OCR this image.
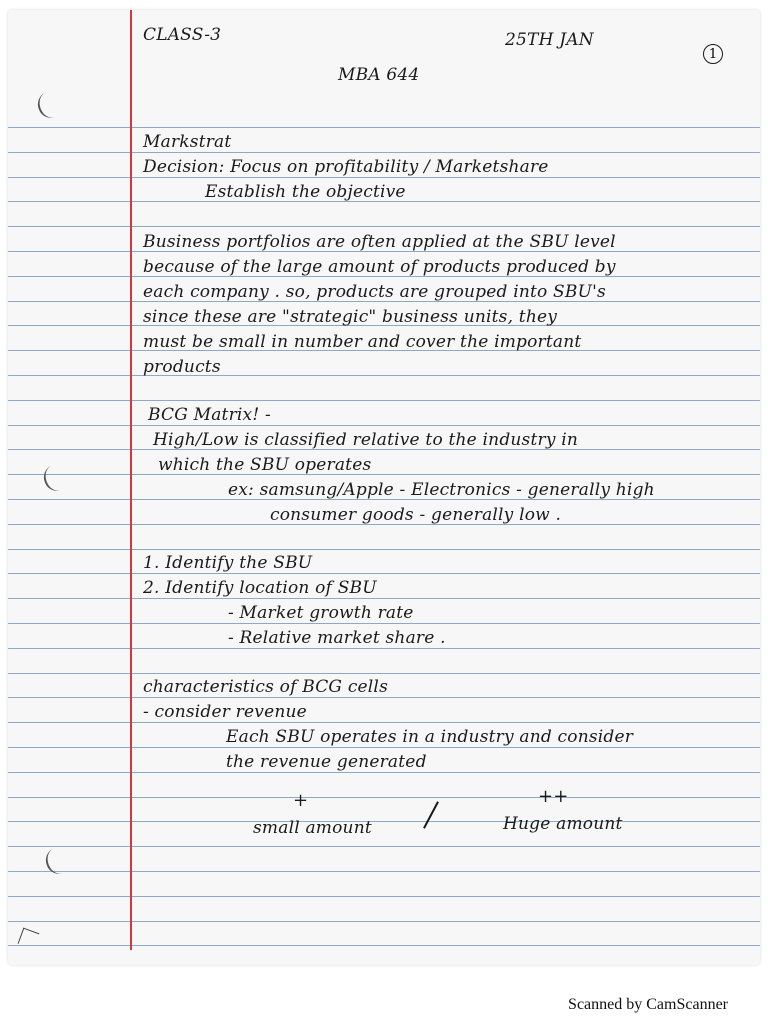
CLASS-3	25TH JAN
1
MBA 644
Markstrat
Decision: Focus on profitability / Marketshare
Establish the objective
Business portfolios are often applied at the SBU level
because of the large amount of products produced by
each company . so, products are grouped into SBU's
since these are "strategic" business units, they
must be small in number and cover the important
products
BCG Matrix! -
High/Low is classified relative to the industry in
which the SBU operates
ex: samsung/Apple - Electronics - generally high
consumer goods - generally low .
1. Identify the SBU
2. Identify location of SBU
- Market growth rate
- Relative market share .
characteristics of BCG cells
- consider revenue
Each SBU operates in a industry and consider
the revenue generated
+	++
small amount	Huge amount
Scanned by CamScanner
